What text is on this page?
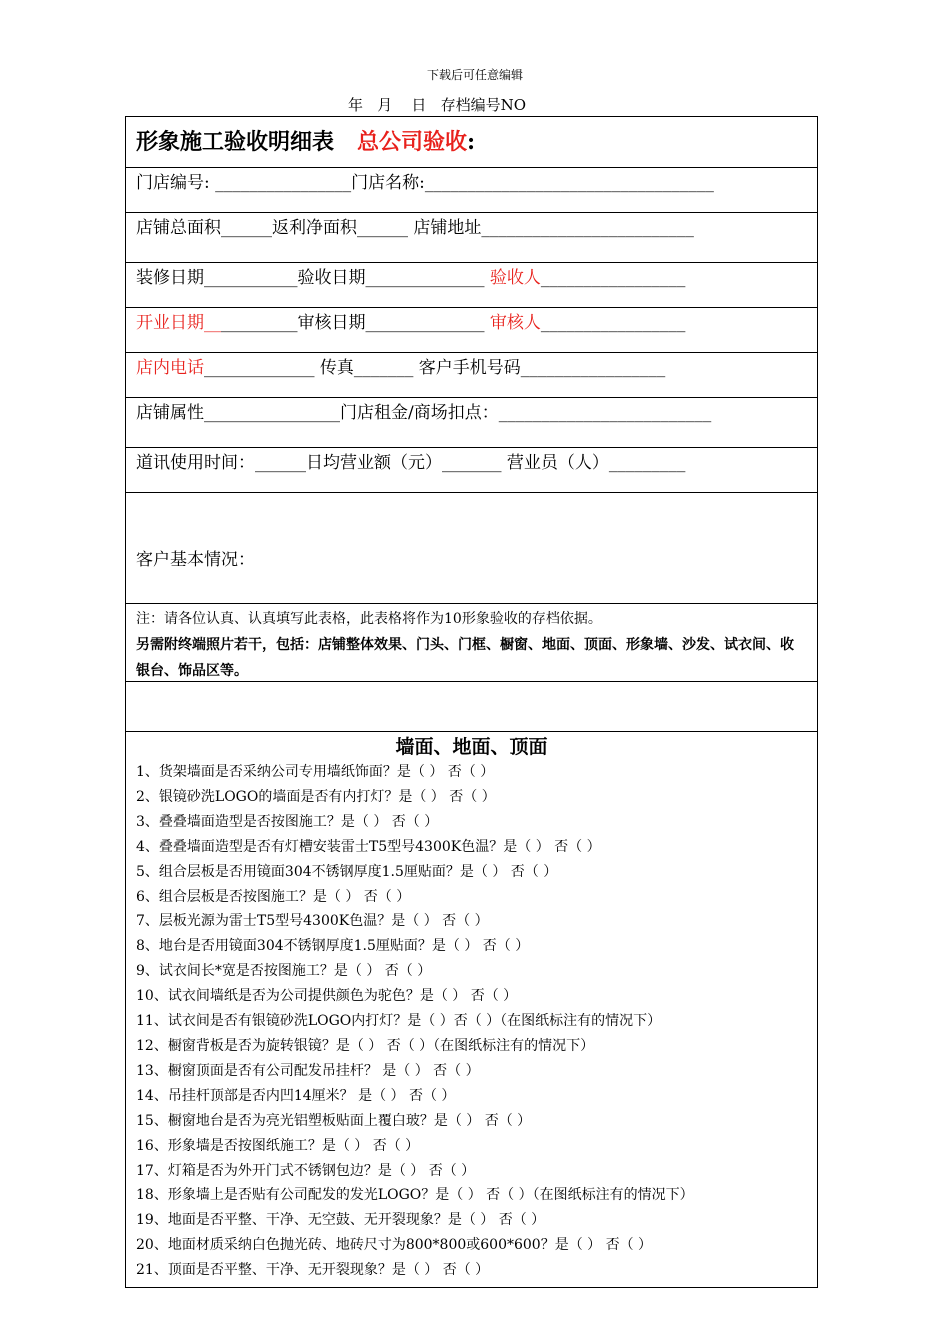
下载后可任意编辑
年   月    日   存档编号NO
形象施工验收明细表 总公司验收:
门店编号: ________________门店名称:__________________________________
店铺总面积______返利净面积______ 店铺地址_________________________
装修日期___________验收日期______________ 验收人_________________
开业日期___________审核日期______________ 审核人_________________
店内电话_____________ 传真_______ 客户手机号码_________________
店铺属性________________门店租金/商场扣点：_________________________
道讯使用时间：______日均营业额（元）_______ 营业员（人）_________

客户基本情况：

注：请各位认真、认真填写此表格，此表格将作为10形象验收的存档依据。
另需附终端照片若干，包括：店铺整体效果、门头、门框、橱窗、地面、顶面、形象墙、沙发、试衣间、收银台、饰品区等。

墙面、地面、顶面
1、货架墙面是否采纳公司专用墙纸饰面？是（ ） 否（ ）
2、银镜砂洗LOGO的墙面是否有内打灯？是（ ） 否（ ）
3、叠叠墙面造型是否按图施工？是（ ） 否（ ）
4、叠叠墙面造型是否有灯槽安装雷士T5型号4300K色温？是（ ） 否（ ）
5、组合层板是否用镜面304不锈钢厚度1.5厘贴面？是（ ） 否（ ）
6、组合层板是否按图施工？是（ ） 否（ ）
7、层板光源为雷士T5型号4300K色温？是（ ） 否（ ）
8、地台是否用镜面304不锈钢厚度1.5厘贴面？是（ ） 否（ ）
9、试衣间长*宽是否按图施工？是（ ） 否（ ）
10、试衣间墙纸是否为公司提供颜色为驼色？是（ ） 否（ ）
11、试衣间是否有银镜砂洗LOGO内打灯？是（ ）否（ ）（在图纸标注有的情况下）
12、橱窗背板是否为旋转银镜？是（ ） 否（ ）（在图纸标注有的情况下）
13、橱窗顶面是否有公司配发吊挂杆？ 是（ ） 否（ ）
14、吊挂杆顶部是否内凹14厘米？ 是（ ） 否（ ）
15、橱窗地台是否为亮光铝塑板贴面上覆白玻？是（ ） 否（ ）
16、形象墙是否按图纸施工？是（ ） 否（ ）
17、灯箱是否为外开门式不锈钢包边？是（ ） 否（ ）
18、形象墙上是否贴有公司配发的发光LOGO？是（ ） 否（ ）（在图纸标注有的情况下）
19、地面是否平整、干净、无空鼓、无开裂现象？是（ ） 否（ ）
20、地面材质采纳白色抛光砖、地砖尺寸为800*800或600*600？是（ ） 否（ ）
21、顶面是否平整、干净、无开裂现象？是（ ） 否（ ）
